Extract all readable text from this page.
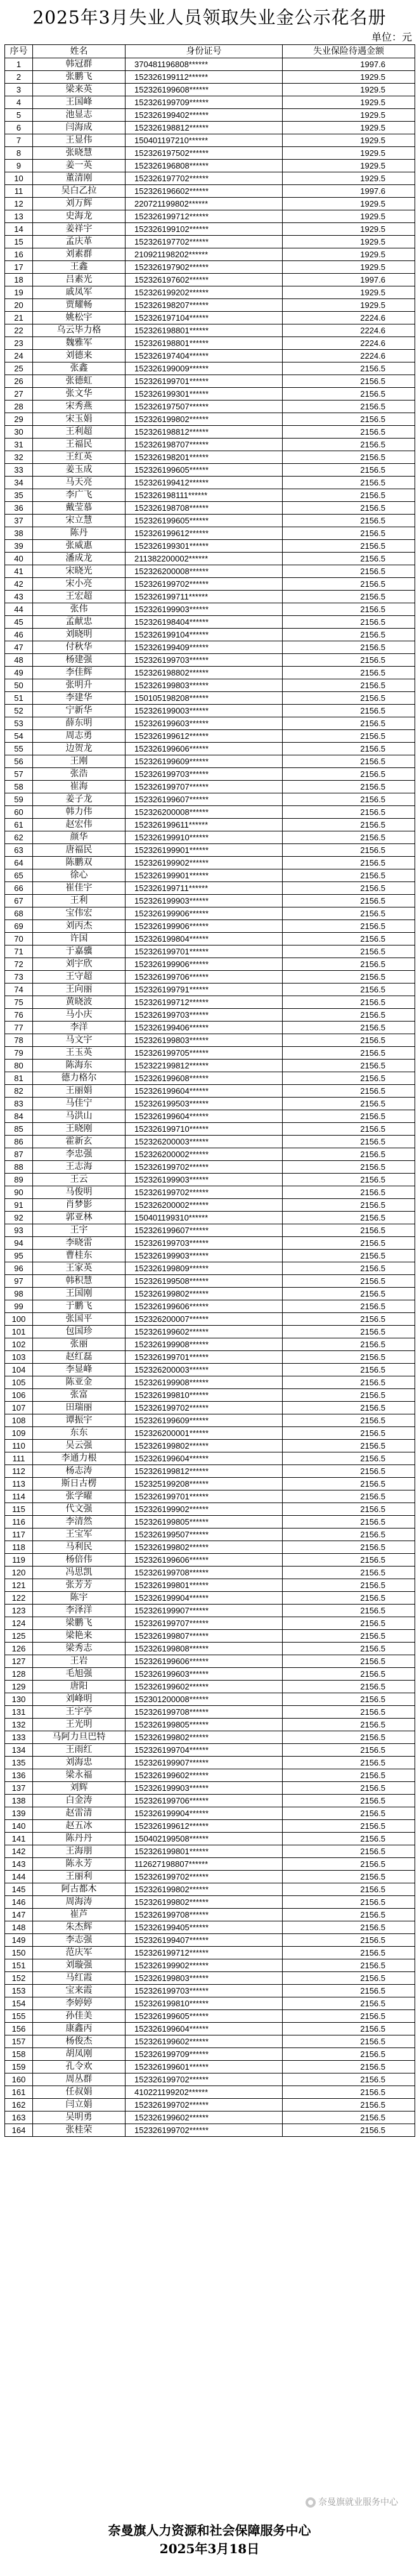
2025年3月失业人员领取失业金公示花名册
单位：元
序号	姓名	身份证号	失业保险待遇金额
1	韩冠群	370481196808******	1997.6
2	张鹏飞	152326199112******	1929.5
3	梁来英	152326199608******	1929.5
4	王国峰	152326199709******	1929.5
5	池显志	152326199402******	1929.5
6	闫海成	152326198812******	1929.5
7	王显伟	150401197210******	1929.5
8	张晓慧	152326197502******	1929.5
9	姜一英	152326196808******	1929.5
10	董清刚	152326197702******	1929.5
11	吴白乙拉	152326196602******	1997.6
12	刘万辉	220721199802******	1929.5
13	史海龙	152326199712******	1929.5
14	姜祥宇	152326199102******	1929.5
15	孟庆革	152326197702******	1929.5
16	刘素群	210921198202******	1929.5
17	王鑫	152326197902******	1929.5
18	吕素光	152326197602******	1997.6
19	戚凤军	152326199202******	1929.5
20	贾耀畅	152326198207******	1929.5
21	姚松宇	152326197104******	2224.6
22	乌云毕力格	152326198801******	2224.6
23	魏雅军	152326198801******	2224.6
24	刘德来	152326197404******	2224.6
25	张鑫	152326199009******	2156.5
26	张德虹	152326199701******	2156.5
27	张文华	152326199301******	2156.5
28	宋秀燕	152326197507******	2156.5
29	宋玉娟	152326199802******	2156.5
30	王利超	152326198812******	2156.5
31	王福民	152326198707******	2156.5
32	王红英	152326198201******	2156.5
33	姜玉成	152326199605******	2156.5
34	马天亮	152326199412******	2156.5
35	李广飞	152326198111******	2156.5
36	戴莹慕	152326198708******	2156.5
37	宋立慧	152326199605******	2156.5
38	陈丹	152326199612******	2156.5
39	张威惠	152326199301******	2156.5
40	潘成龙	211382200002******	2156.5
41	宋晓光	152326200008******	2156.5
42	宋小亮	152326199702******	2156.5
43	王宏超	152326199711******	2156.5
44	张伟	152326199903******	2156.5
45	孟献忠	152326198404******	2156.5
46	刘晓明	152326199104******	2156.5
47	付秋华	152326199409******	2156.5
48	杨建强	152326199703******	2156.5
49	李佳辉	152326198802******	2156.5
50	张明升	152326199803******	2156.5
51	李建华	150105198208******	2156.5
52	宁新华	152326199003******	2156.5
53	薛东明	152326199603******	2156.5
54	周志勇	152326199612******	2156.5
55	边贺龙	152326199606******	2156.5
56	王刚	152326199609******	2156.5
57	张浩	152326199703******	2156.5
58	崔海	152326199707******	2156.5
59	姜子龙	152326199607******	2156.5
60	韩力伟	152326200008******	2156.5
61	赵宏伟	152326199611******	2156.5
62	颜华	152326199910******	2156.5
63	唐福民	152326199901******	2156.5
64	陈鹏双	152326199902******	2156.5
65	徐心	152326199901******	2156.5
66	崔佳宇	152326199711******	2156.5
67	王利	152326199903******	2156.5
68	宝伟宏	152326199906******	2156.5
69	刘丙杰	152326199906******	2156.5
70	许国	152326199804******	2156.5
71	于嘉骥	152326199701******	2156.5
72	刘宇欣	152326199906******	2156.5
73	王守超	152326199706******	2156.5
74	王向丽	152326199791******	2156.5
75	黄晓波	152326199712******	2156.5
76	马小庆	152326199703******	2156.5
77	李洋	152326199406******	2156.5
78	马文宇	152326199803******	2156.5
79	王玉英	152326199705******	2156.5
80	陈海东	152322199812******	2156.5
81	德力格尔	152326199608******	2156.5
82	王丽娟	152326199604******	2156.5
83	马佳宁	152326199503******	2156.5
84	马洪山	152326199604******	2156.5
85	王晓刚	152326199710******	2156.5
86	霍新玄	152326200003******	2156.5
87	李忠强	152326200002******	2156.5
88	王志海	152326199702******	2156.5
89	王云	152326199903******	2156.5
90	马俊明	152326199702******	2156.5
91	肖梦影	152326200002******	2156.5
92	郭亚林	150401199310******	2156.5
93	王宇	152326199607******	2156.5
94	李晓雷	152326199703******	2156.5
95	曹桂东	152326199903******	2156.5
96	王家英	152326199809******	2156.5
97	韩积慧	152326199508******	2156.5
98	王国刚	152326199802******	2156.5
99	于鹏飞	152326199606******	2156.5
100	张国平	152326200007******	2156.5
101	包国珍	152326199602******	2156.5
102	张丽	152326199908******	2156.5
103	赵红磊	152326199701******	2156.5
104	李显峰	152326200003******	2156.5
105	陈亚金	152326199908******	2156.5
106	张富	152326199810******	2156.5
107	田瑞丽	152326199702******	2156.5
108	谭振宇	152326199609******	2156.5
109	东东	152326200001******	2156.5
110	吴云强	152326199802******	2156.5
111	李通力根	152326199604******	2156.5
112	杨志涛	152326199812******	2156.5
113	斯日古楞	152325199208******	2156.5
114	张学曜	152326199701******	2156.5
115	代文强	152326199902******	2156.5
116	李清然	152326199805******	2156.5
117	王宝军	152326199507******	2156.5
118	马利民	152326199802******	2156.5
119	杨倍伟	152326199606******	2156.5
120	冯思凯	152326199708******	2156.5
121	张芳芳	152326199801******	2156.5
122	陈宇	152326199904******	2156.5
123	李泽洋	152326199907******	2156.5
124	梁鹏飞	152326199707******	2156.5
125	梁艳来	152326199807******	2156.5
126	梁秀志	152326199808******	2156.5
127	王岩	152326199606******	2156.5
128	毛旭强	152326199603******	2156.5
129	唐阳	152326199602******	2156.5
130	刘峰明	152301200008******	2156.5
131	王宇亭	152326199708******	2156.5
132	王光明	152326199805******	2156.5
133	马阿力旦巴特	152326199802******	2156.5
134	王雨红	152326199704******	2156.5
135	刘海忠	152326199907******	2156.5
136	梁永福	152326199602******	2156.5
137	刘辉	152326199903******	2156.5
138	白金涛	152326199706******	2156.5
139	赵雷清	152326199904******	2156.5
140	赵五冰	152326199612******	2156.5
141	陈丹丹	150402199508******	2156.5
142	王海朋	152326199801******	2156.5
143	陈永芳	112627198807******	2156.5
144	王丽利	152326199702******	2156.5
145	阿古都木	152326199802******	2156.5
146	周海涛	152326199802******	2156.5
147	崔芦	152326199708******	2156.5
148	朱杰辉	152326199405******	2156.5
149	李志强	152326199407******	2156.5
150	范庆军	152326199712******	2156.5
151	刘璇强	152326199902******	2156.5
152	马红霞	152326199803******	2156.5
153	宝来霞	152326199703******	2156.5
154	李婷婷	152326199810******	2156.5
155	孙佳美	152326199605******	2156.5
156	康鑫丙	152326199604******	2156.5
157	杨俊杰	152326199602******	2156.5
158	胡凤刚	152326199709******	2156.5
159	孔令欢	152326199601******	2156.5
160	周丛群	152326199702******	2156.5
161	任叔娟	410221199202******	2156.5
162	闫立娟	152326199702******	2156.5
163	吴明勇	152326199602******	2156.5
164	张桂荣	152326199702******	2156.5
奈曼旗就业服务中心
奈曼旗人力资源和社会保障服务中心
2025年3月18日
